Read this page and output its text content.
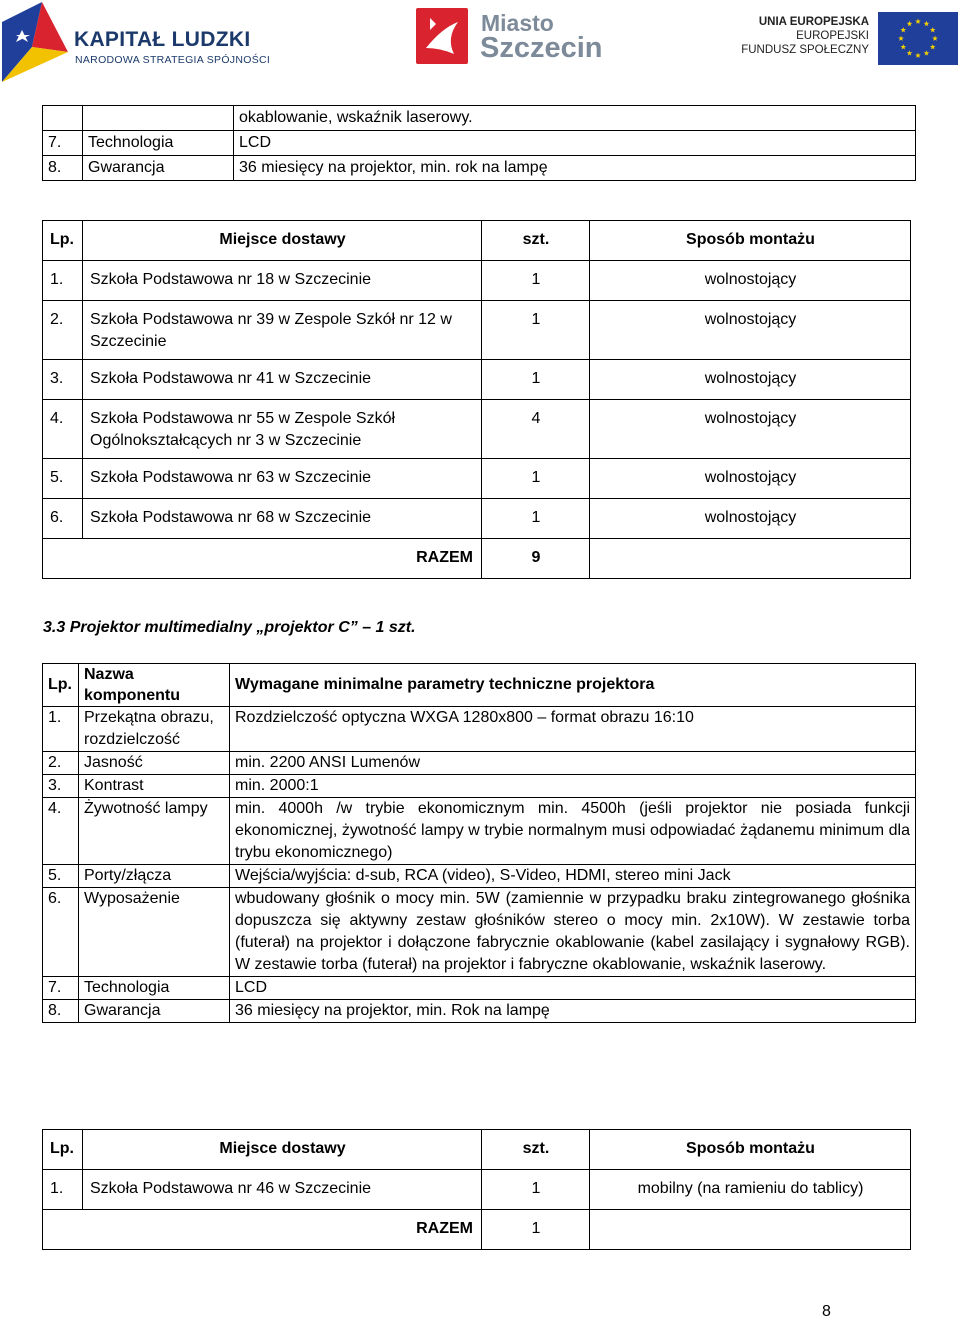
KAPITAŁ LUDZKI
NARODOWA STRATEGIA SPÓJNOŚCI
Miasto
Szczecin
UNIA EUROPEJSKA
EUROPEJSKI
FUNDUSZ SPOŁECZNY
		okablowanie, wskaźnik laserowy.
7.	Technologia	LCD
8.	Gwarancja	36 miesięcy na projektor, min. rok na lampę
Lp.	Miejsce dostawy	szt.	Sposób montażu
1.	Szkoła Podstawowa nr 18 w Szczecinie	1	wolnostojący
2.	Szkoła Podstawowa nr 39 w Zespole Szkół nr 12 w Szczecinie	1	wolnostojący
3.	Szkoła Podstawowa nr 41 w Szczecinie	1	wolnostojący
4.	Szkoła Podstawowa nr 55 w Zespole Szkół Ogólnokształcących nr 3 w Szczecinie	4	wolnostojący
5.	Szkoła Podstawowa nr 63 w Szczecinie	1	wolnostojący
6.	Szkoła Podstawowa nr 68 w Szczecinie	1	wolnostojący
RAZEM		9	
3.3 Projektor multimedialny „projektor C” – 1 szt.
Lp.	Nazwa komponentu	Wymagane minimalne parametry techniczne projektora
1.	Przekątna obrazu, rozdzielczość	Rozdzielczość optyczna WXGA 1280x800 – format obrazu 16:10
2.	Jasność	min. 2200 ANSI Lumenów
3.	Kontrast	min. 2000:1
4.	Żywotność lampy	min. 4000h /w trybie ekonomicznym min. 4500h (jeśli projektor nie posiada funkcji ekonomicznej, żywotność lampy w trybie normalnym musi odpowiadać żądanemu minimum dla trybu ekonomicznego)
5.	Porty/złącza	Wejścia/wyjścia: d-sub, RCA (video), S-Video, HDMI, stereo mini Jack
6.	Wyposażenie	wbudowany głośnik o mocy min. 5W (zamiennie w przypadku braku zintegrowanego głośnika dopuszcza się aktywny zestaw głośników stereo o mocy min. 2x10W). W zestawie torba (futerał) na projektor i dołączone fabrycznie okablowanie (kabel zasilający i sygnałowy RGB). W zestawie torba (futerał) na projektor i fabryczne okablowanie, wskaźnik laserowy.
7.	Technologia	LCD
8.	Gwarancja	36 miesięcy na projektor, min. Rok na lampę
Lp.	Miejsce dostawy	szt.	Sposób montażu
1.	Szkoła Podstawowa nr 46 w Szczecinie	1	mobilny (na ramieniu do tablicy)
RAZEM		1	
8
